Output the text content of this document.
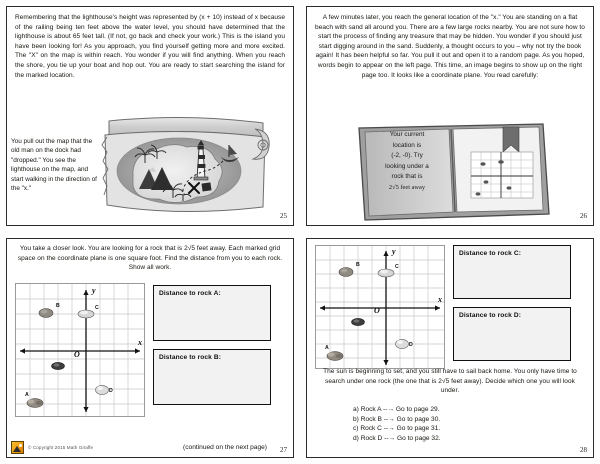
Remembering that the lighthouse's height was represented by (x + 10) instead of x because of the railing being ten feet above the water level, you should have determined that the lighthouse is about 65 feet tall. (If not, go back and check your work.) This is the island you have been looking for! As you approach, you find yourself getting more and more excited. The "X" on the map is within reach. You wonder if you will find anything. When you reach the shore, you tie up your boat and hop out. You are ready to start searching the island for the marked location.
You pull out the map that the old man on the dock had "dropped." You see the lighthouse on the map, and start walking in the direction of the "x."
25
A few minutes later, you reach the general location of the "x." You are standing on a flat beach with sand all around you. There are a few large rocks nearby. You are not sure how to start the process of finding any treasure that may be hidden. You wonder if you should just start digging around in the sand. Suddenly, a thought occurs to you – why not try the book again! It has been helpful so far. You pull it out and open it to a random page. As you hoped, words begin to appear on the left page. This time, an image begins to show up on the right page too. It looks like a coordinate plane. You read carefully:
Your current
location is
(-2, -0). Try
looking under a
rock that is
2√5 feet away
26
You take a closer look. You are looking for a rock that is 2√5 feet away. Each marked grid space on the coordinate plane is one square foot. Find the distance from you to each rock. Show all work.
y
x
O
B	C
D
A
Distance to rock A:
Distance to rock B:
(continued on the next page)
© Copyright 2015 Math Giraffe	27
y
x
O
B	C
D
A
Distance to rock C:
Distance to rock D:
The sun is beginning to set, and you still have to sail back home. You only have time to search under one rock (the one that is 2√5 feet away). Decide which one you will look under.
a) Rock A --→ Go to page 29.
b) Rock B --→ Go to page 30.
c) Rock C --→ Go to page 31.
d) Rock D --→ Go to page 32.
28
